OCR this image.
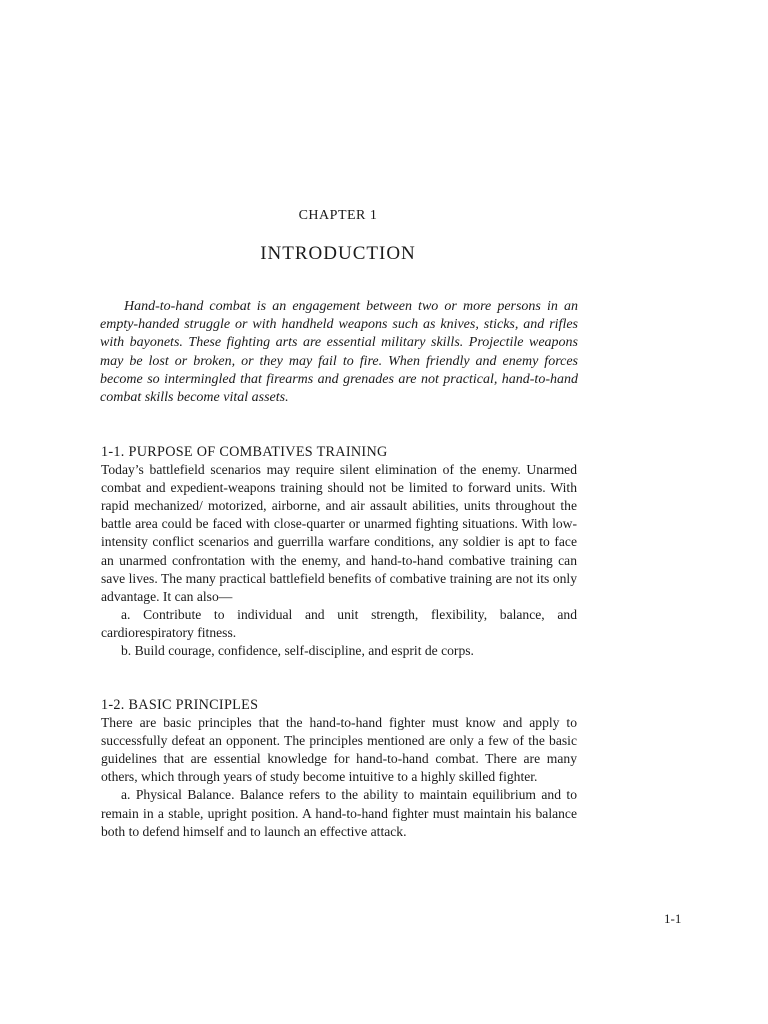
CHAPTER 1
INTRODUCTION

Hand-to-hand combat is an engagement between two or more persons in an empty-handed struggle or with handheld weapons such as knives, sticks, and rifles with bayonets. These fighting arts are essential military skills. Projectile weapons may be lost or broken, or they may fail to fire. When friendly and enemy forces become so intermingled that firearms and grenades are not practical, hand-to-hand combat skills become vital assets.

1-1. PURPOSE OF COMBATIVES TRAINING

Today’s battlefield scenarios may require silent elimination of the enemy. Unarmed combat and expedient-weapons training should not be limited to forward units. With rapid mechanized/ motorized, airborne, and air assault abilities, units throughout the battle area could be faced with close-quarter or unarmed fighting situations. With low-intensity conflict scenarios and guerrilla warfare conditions, any soldier is apt to face an unarmed confrontation with the enemy, and hand-to-hand combative training can save lives. The many practical battlefield benefits of combative training are not its only advantage. It can also—

a. Contribute to individual and unit strength, flexibility, balance, and cardiorespiratory fitness.

b. Build courage, confidence, self-discipline, and esprit de corps.

1-2. BASIC PRINCIPLES

There are basic principles that the hand-to-hand fighter must know and apply to successfully defeat an opponent. The principles mentioned are only a few of the basic guidelines that are essential knowledge for hand-to-hand combat. There are many others, which through years of study become intuitive to a highly skilled fighter.

a. Physical Balance. Balance refers to the ability to maintain equilibrium and to remain in a stable, upright position. A hand-to-hand fighter must maintain his balance both to defend himself and to launch an effective attack.

1-1
